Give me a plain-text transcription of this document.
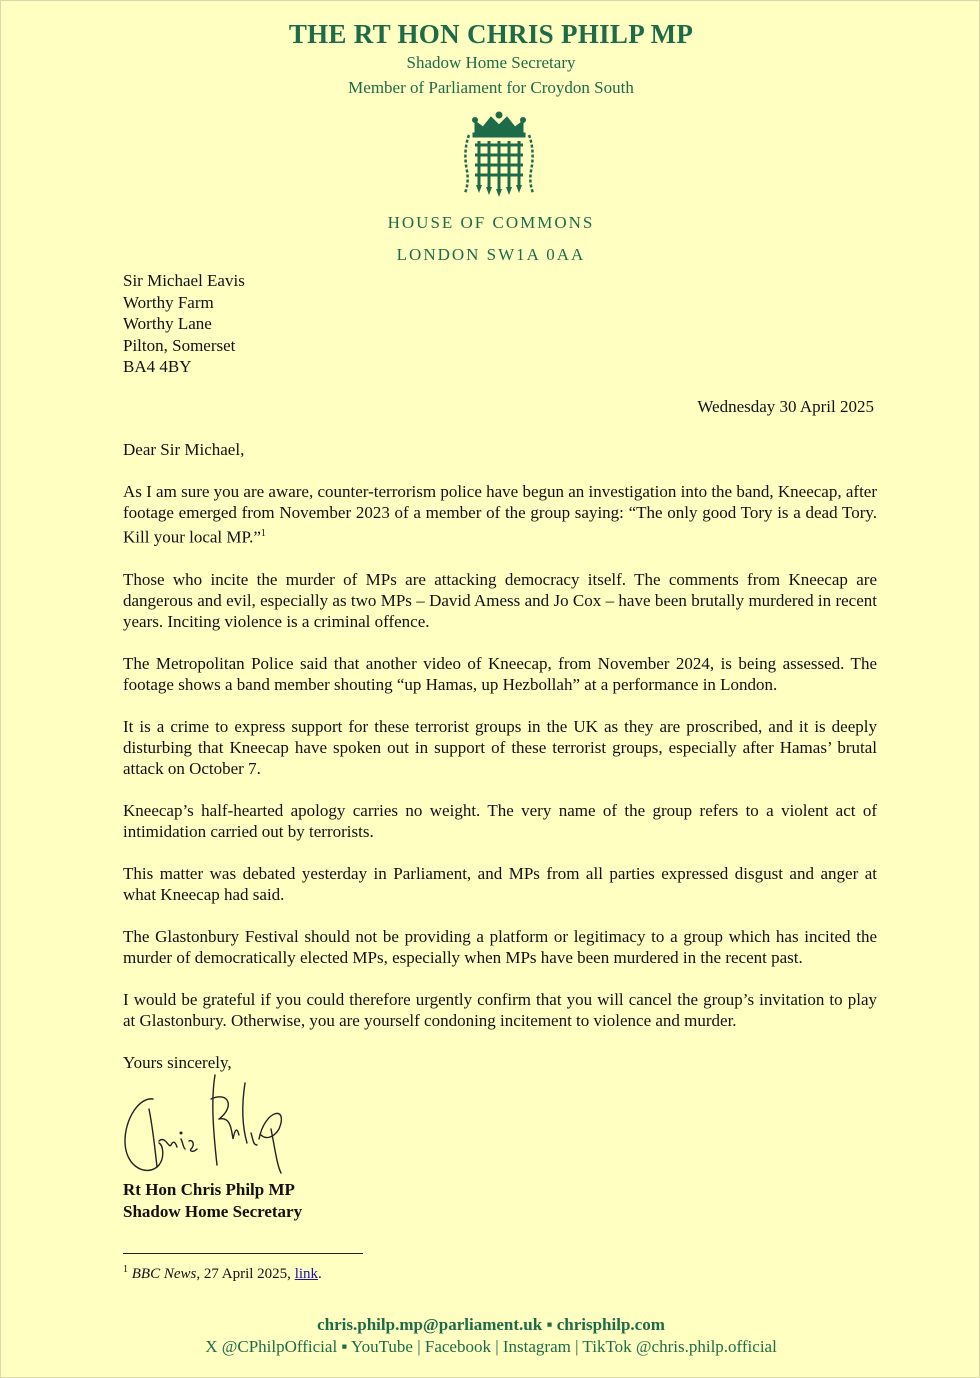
THE RT HON CHRIS PHILP MP

Shadow Home Secretary

Member of Parliament for Croydon South

HOUSE OF COMMONS
LONDON SW1A 0AA
Sir Michael Eavis
Worthy Farm
Worthy Lane
Pilton, Somerset
BA4 4BY
Wednesday 30 April 2025

Dear Sir Michael,

As I am sure you are aware, counter-terrorism police have begun an investigation into the band, Kneecap, after footage emerged from November 2023 of a member of the group saying: “The only good Tory is a dead Tory. Kill your local MP.”$^1$

Those who incite the murder of MPs are attacking democracy itself. The comments from Kneecap are dangerous and evil, especially as two MPs – David Amess and Jo Cox – have been brutally murdered in recent years. Inciting violence is a criminal offence.

The Metropolitan Police said that another video of Kneecap, from November 2024, is being assessed. The footage shows a band member shouting “up Hamas, up Hezbollah” at a performance in London.

It is a crime to express support for these terrorist groups in the UK as they are proscribed, and it is deeply disturbing that Kneecap have spoken out in support of these terrorist groups, especially after Hamas’ brutal attack on October 7.

Kneecap’s half-hearted apology carries no weight. The very name of the group refers to a violent act of intimidation carried out by terrorists.

This matter was debated yesterday in Parliament, and MPs from all parties expressed disgust and anger at what Kneecap had said.

The Glastonbury Festival should not be providing a platform or legitimacy to a group which has incited the murder of democratically elected MPs, especially when MPs have been murdered in the recent past.

I would be grateful if you could therefore urgently confirm that you will cancel the group’s invitation to play at Glastonbury. Otherwise, you are yourself condoning incitement to violence and murder.

Yours sincerely,

Rt Hon Chris Philp MP
Shadow Home Secretary
$^1$ BBC News, 27 April 2025, link.
chris.philp.mp@parliament.uk ▪ chrisphilp.com
X @CPhilpOfficial ▪ YouTube | Facebook | Instagram | TikTok @chris.philp.official
